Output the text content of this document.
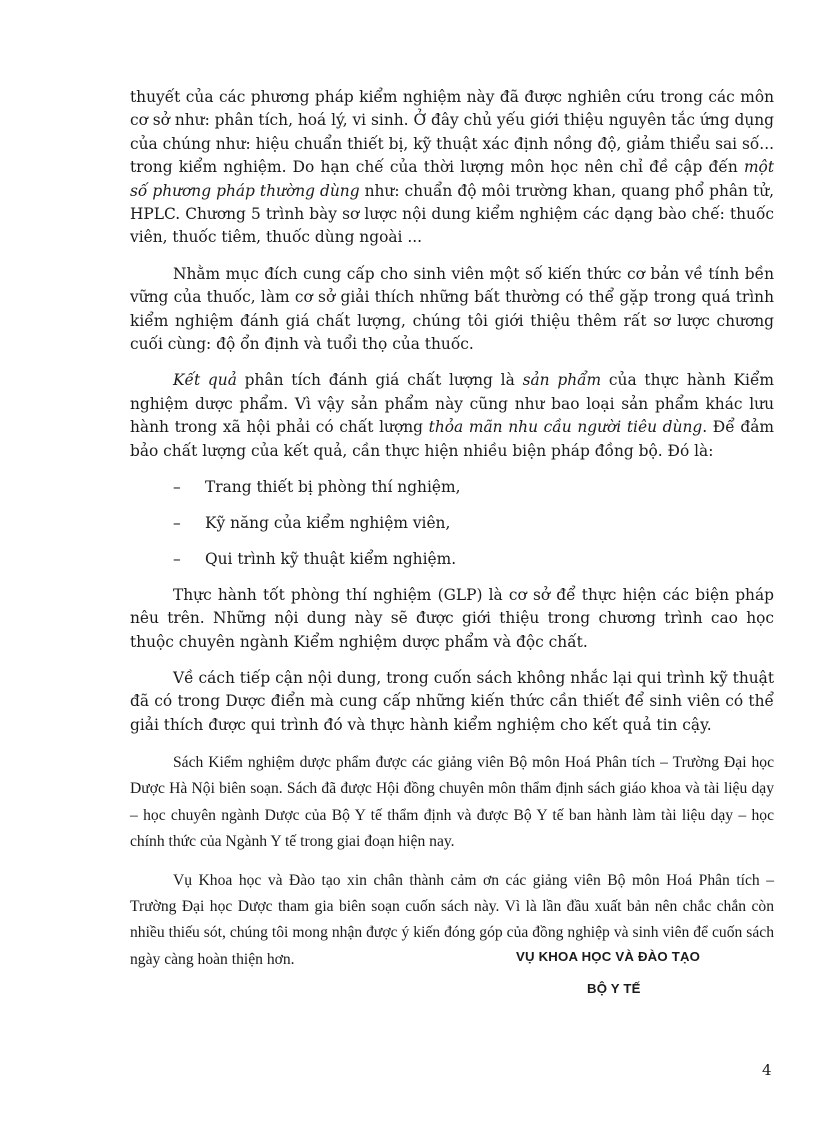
thuyết của các phương pháp kiểm nghiệm này đã được nghiên cứu trong các môn cơ sở như: phân tích, hoá lý, vi sinh. Ở đây chủ yếu giới thiệu nguyên tắc ứng dụng của chúng như: hiệu chuẩn thiết bị, kỹ thuật xác định nồng độ, giảm thiểu sai số... trong kiểm nghiệm. Do hạn chế của thời lượng môn học nên chỉ đề cập đến một số phương pháp thường dùng như: chuẩn độ môi trường khan, quang phổ phân tử, HPLC. Chương 5 trình bày sơ lược nội dung kiểm nghiệm các dạng bào chế: thuốc viên, thuốc tiêm, thuốc dùng ngoài ...

Nhằm mục đích cung cấp cho sinh viên một số kiến thức cơ bản về tính bền vững của thuốc, làm cơ sở giải thích những bất thường có thể gặp trong quá trình kiểm nghiệm đánh giá chất lượng, chúng tôi giới thiệu thêm rất sơ lược chương cuối cùng: độ ổn định và tuổi thọ của thuốc.

Kết quả phân tích đánh giá chất lượng là sản phẩm của thực hành Kiểm nghiệm dược phẩm. Vì vậy sản phẩm này cũng như bao loại sản phẩm khác lưu hành trong xã hội phải có chất lượng thỏa mãn nhu cầu người tiêu dùng. Để đảm bảo chất lượng của kết quả, cần thực hiện nhiều biện pháp đồng bộ. Đó là:

– Trang thiết bị phòng thí nghiệm,
– Kỹ năng của kiểm nghiệm viên,
– Qui trình kỹ thuật kiểm nghiệm.

Thực hành tốt phòng thí nghiệm (GLP) là cơ sở để thực hiện các biện pháp nêu trên. Những nội dung này sẽ được giới thiệu trong chương trình cao học thuộc chuyên ngành Kiểm nghiệm dược phẩm và độc chất.

Về cách tiếp cận nội dung, trong cuốn sách không nhắc lại qui trình kỹ thuật đã có trong Dược điển mà cung cấp những kiến thức cần thiết để sinh viên có thể giải thích được qui trình đó và thực hành kiểm nghiệm cho kết quả tin cậy.

Sách Kiểm nghiệm dược phẩm được các giảng viên Bộ môn Hoá Phân tích – Trường Đại học Dược Hà Nội biên soạn. Sách đã được Hội đồng chuyên môn thẩm định sách giáo khoa và tài liệu dạy – học chuyên ngành Dược của Bộ Y tế thẩm định và được Bộ Y tế ban hành làm tài liệu dạy – học chính thức của Ngành Y tế trong giai đoạn hiện nay.

Vụ Khoa học và Đào tạo xin chân thành cảm ơn các giảng viên Bộ môn Hoá Phân tích – Trường Đại học Dược tham gia biên soạn cuốn sách này. Vì là lần đầu xuất bản nên chắc chắn còn nhiều thiếu sót, chúng tôi mong nhận được ý kiến đóng góp của đồng nghiệp và sinh viên để cuốn sách ngày càng hoàn thiện hơn.	VỤ KHOA HỌC VÀ ĐÀO TẠO
BỘ Y TẾ
4
